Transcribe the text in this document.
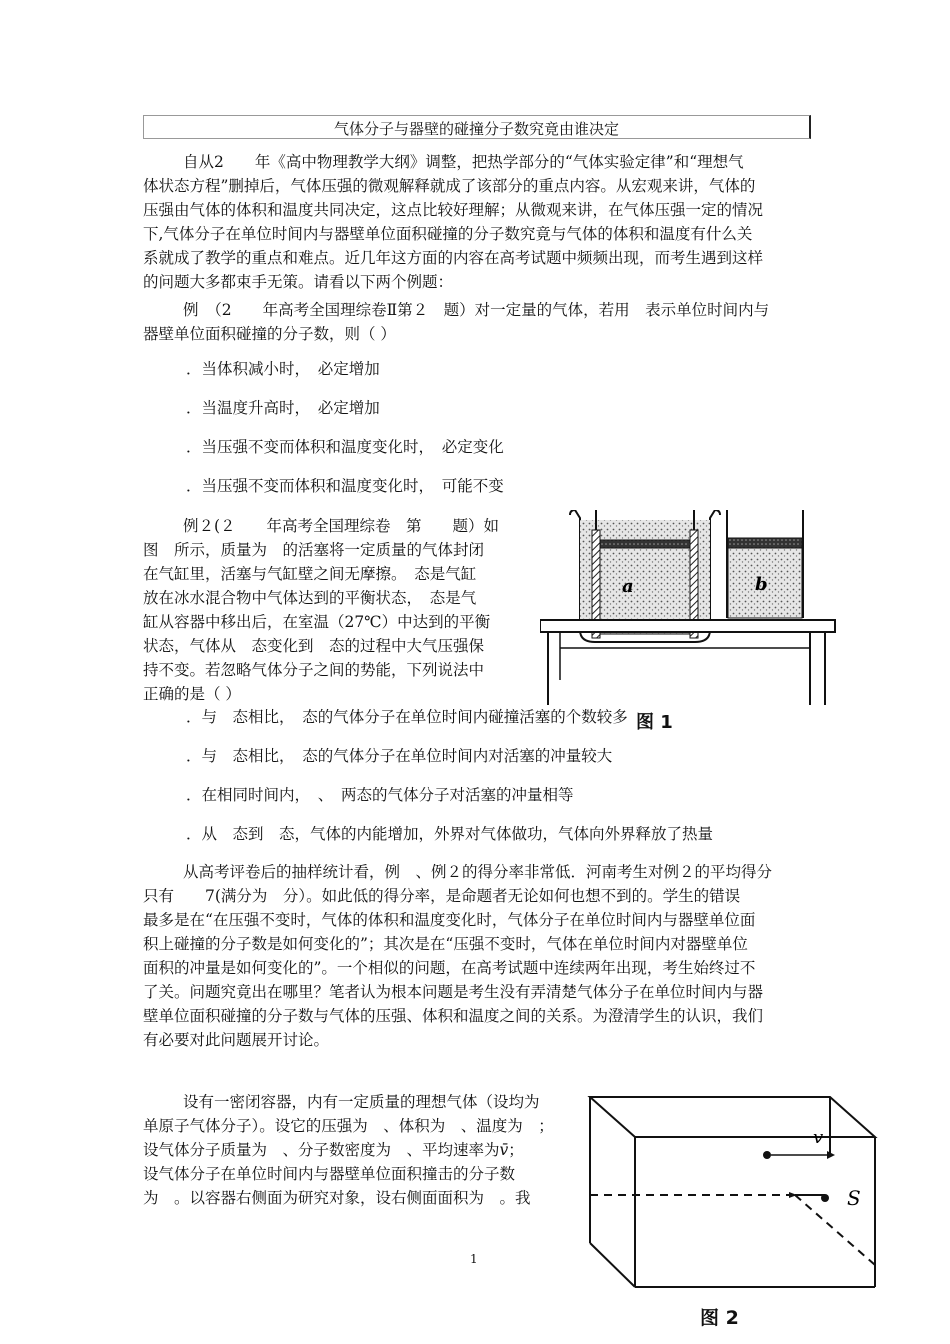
气体分子与器壁的碰撞分子数究竟由谁决定

自从2　　年《高中物理教学大纲》调整，把热学部分的“气体实验定律”和“理想气

体状态方程”删掉后，气体压强的微观解释就成了该部分的重点内容。从宏观来讲，气体的

压强由气体的体积和温度共同决定，这点比较好理解；从微观来讲，在气体压强一定的情况

下,气体分子在单位时间内与器壁单位面积碰撞的分子数究竟与气体的体积和温度有什么关

系就成了教学的重点和难点。近几年这方面的内容在高考试题中频频出现，而考生遇到这样

的问题大多都束手无策。请看以下两个例题：

例　（2　　年高考全国理综卷Ⅱ第２　题）对一定量的气体，若用　表示单位时间内与

器壁单位面积碰撞的分子数，则（ ）

．当体积减小时，　必定增加

．当温度升高时，　必定增加

．当压强不变而体积和温度变化时，　必定变化

．当压强不变而体积和温度变化时，　可能不变

例２(２　　年高考全国理综卷　第　　题）如

图　所示，质量为　的活塞将一定质量的气体封闭

在气缸里，活塞与气缸壁之间无摩擦。　态是气缸

放在冰水混合物中气体达到的平衡状态，　态是气

缸从容器中移出后，在室温（27℃）中达到的平衡

状态，气体从　态变化到　态的过程中大气压强保

持不变。若忽略气体分子之间的势能，下列说法中

正确的是（ ）

a	b
图 1

．与　态相比，　态的气体分子在单位时间内碰撞活塞的个数较多

．与　态相比，　态的气体分子在单位时间内对活塞的冲量较大

．在相同时间内，　、　两态的气体分子对活塞的冲量相等

．从　态到　态，气体的内能增加，外界对气体做功，气体向外界释放了热量

从高考评卷后的抽样统计看，例　、例２的得分率非常低．河南考生对例２的平均得分

只有　　7(满分为　分）。如此低的得分率，是命题者无论如何也想不到的。学生的错误

最多是在“在压强不变时，气体的体积和温度变化时，气体分子在单位时间内与器壁单位面

积上碰撞的分子数是如何变化的”；其次是在“压强不变时，气体在单位时间内对器壁单位

面积的冲量是如何变化的”。一个相似的问题，在高考试题中连续两年出现，考生始终过不

了关。问题究竟出在哪里？笔者认为根本问题是考生没有弄清楚气体分子在单位时间内与器

壁单位面积碰撞的分子数与气体的压强、体积和温度之间的关系。为澄清学生的认识，我们

有必要对此问题展开讨论。

设有一密闭容器，内有一定质量的理想气体（设均为

单原子气体分子）。设它的压强为　、体积为　、温度为　；

设气体分子质量为　、分子数密度为　、平均速率为v̄；

设气体分子在单位时间内与器壁单位面积撞击的分子数

为　。以容器右侧面为研究对象，设右侧面面积为　。我

v
S
图 2
1
